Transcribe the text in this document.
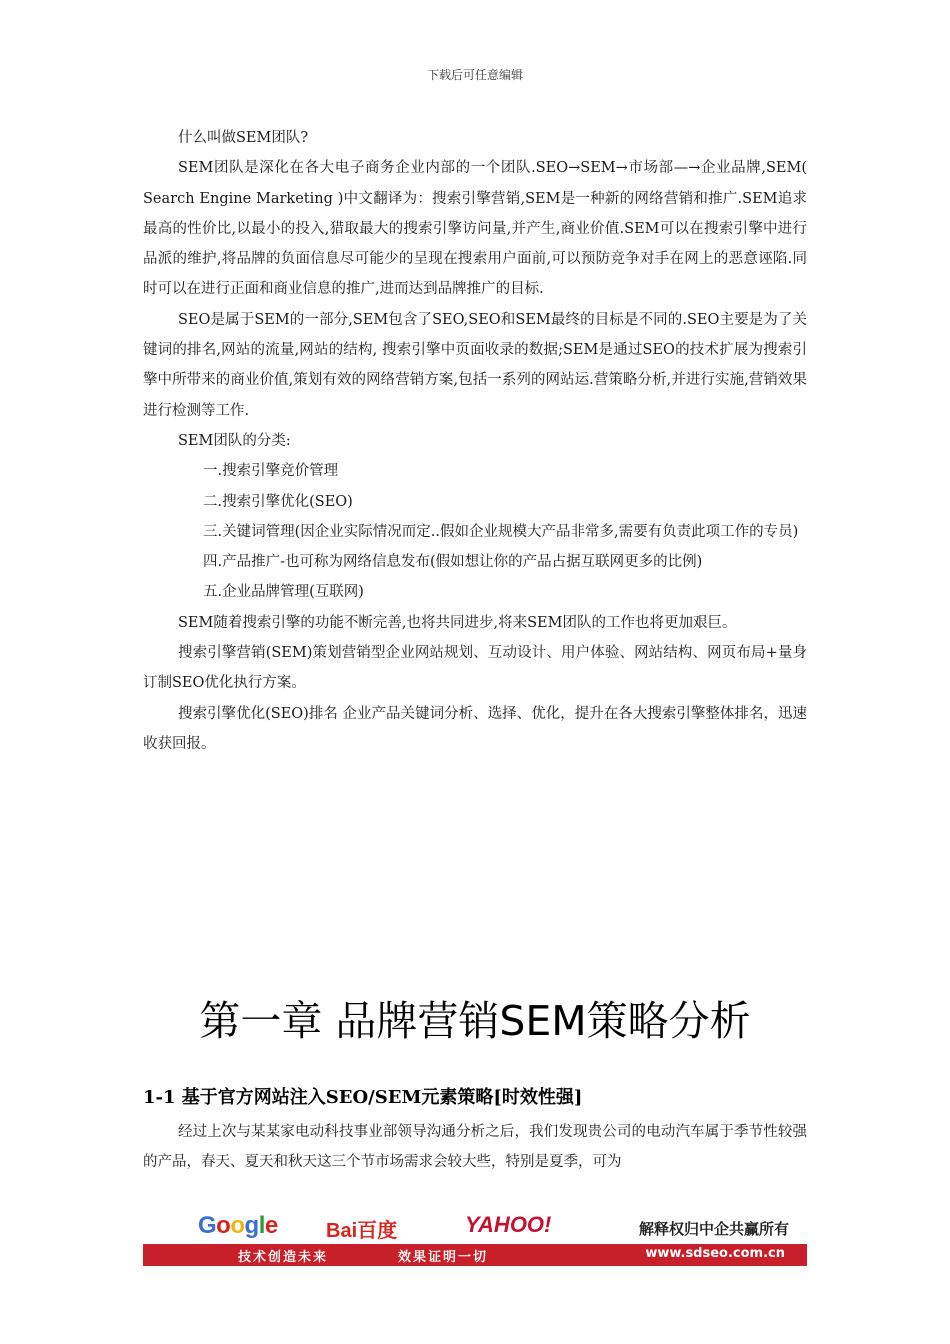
下载后可任意编辑

什么叫做SEM团队?

SEM团队是深化在各大电子商务企业内部的一个团队.SEO→SEM→市场部—→企业品牌,SEM( Search Engine Marketing )中文翻译为：搜索引擎营销,SEM是一种新的网络营销和推广.SEM追求最高的性价比,以最小的投入,猎取最大的搜索引擎访问量,并产生,商业价值.SEM可以在搜索引擎中进行品派的维护,将品牌的负面信息尽可能少的呈现在搜索用户面前,可以预防竞争对手在网上的恶意诬陷.同时可以在进行正面和商业信息的推广,进而达到品牌推广的目标.

SEO是属于SEM的一部分,SEM包含了SEO,SEO和SEM最终的目标是不同的.SEO主要是为了关键词的排名,网站的流量,网站的结构, 搜索引擎中页面收录的数据;SEM是通过SEO的技术扩展为搜索引擎中所带来的商业价值,策划有效的网络营销方案,包括一系列的网站运.营策略分析,并进行实施,营销效果进行检测等工作.

SEM团队的分类:

一.搜索引擎竞价管理

二.搜索引擎优化(SEO)

三.关键词管理(因企业实际情况而定..假如企业规模大产品非常多,需要有负责此项工作的专员)

四.产品推广-也可称为网络信息发布(假如想让你的产品占据互联网更多的比例)

五.企业品牌管理(互联网)

SEM随着搜索引擎的功能不断完善,也将共同进步,将来SEM团队的工作也将更加艰巨。

搜索引擎营销(SEM)策划营销型企业网站规划、互动设计、用户体验、网站结构、网页布局+量身订制SEO优化执行方案。

搜索引擎优化(SEO)排名 企业产品关键词分析、选择、优化，提升在各大搜索引擎整体排名，迅速收获回报。

第一章 品牌营销SEM策略分析
1-1 基于官方网站注入SEO/SEM元素策略[时效性强]

经过上次与某某家电动科技事业部领导沟通分析之后，我们发现贵公司的电动汽车属于季节性较强的产品，春天、夏天和秋天这三个节市场需求会较大些，特别是夏季，可为

Google Bai百度	YAHOO!	解释权归中企共赢所有
技术创造未来	效果证明一切	www.sdseo.com.cn
